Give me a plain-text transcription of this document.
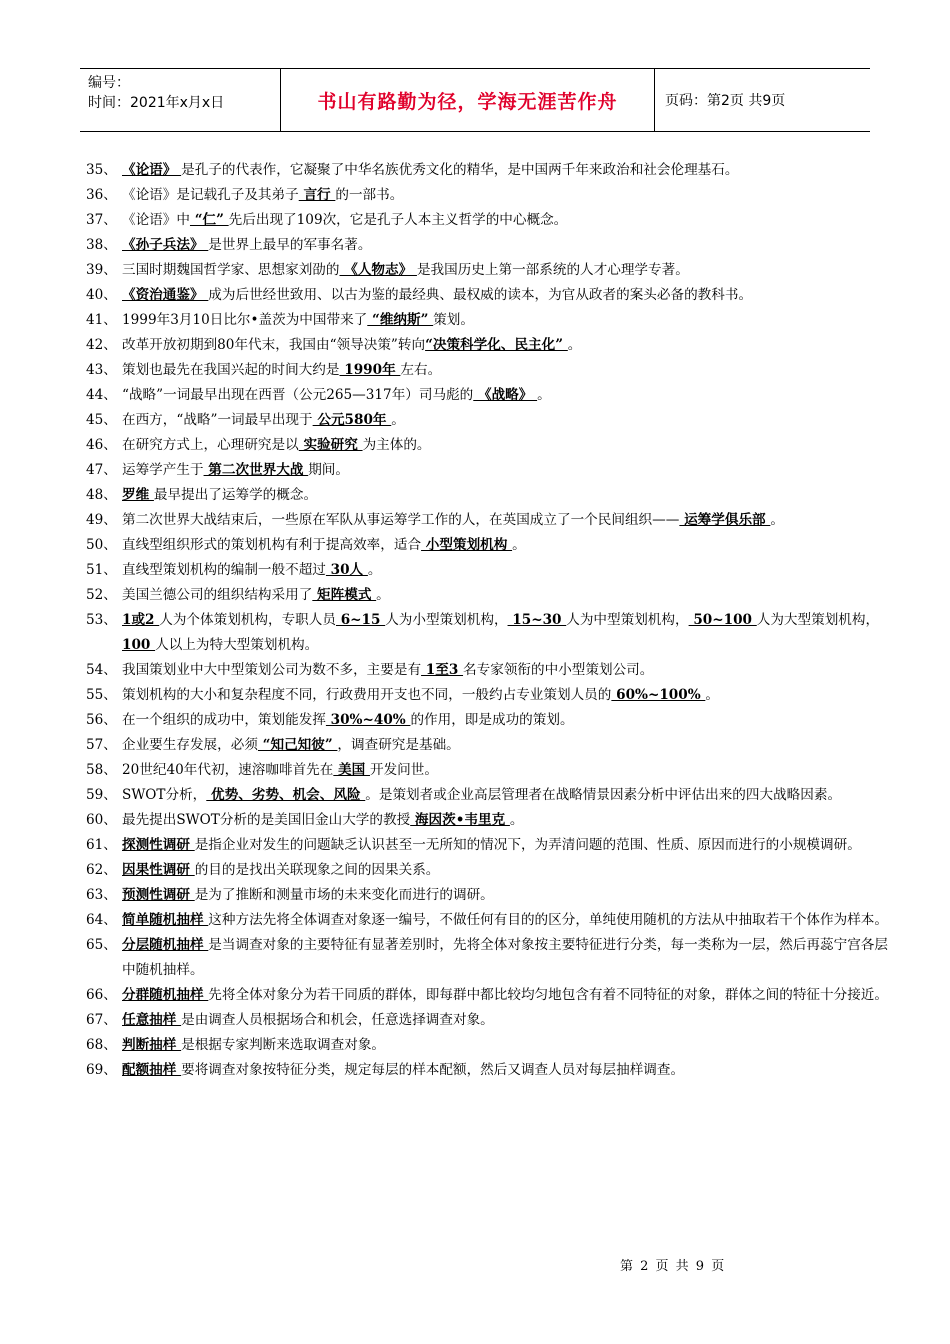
编号：
时间：2021年x月x日	书山有路勤为径，学海无涯苦作舟	页码：第2页 共9页
35、 《论语》 是孔子的代表作，它凝聚了中华名族优秀文化的精华，是中国两千年来政治和社会伦理基石。
36、 《论语》是记载孔子及其弟子 言行 的一部书。
37、 《论语》中 “仁” 先后出现了109次，它是孔子人本主义哲学的中心概念。
38、 《孙子兵法》 是世界上最早的军事名著。
39、 三国时期魏国哲学家、思想家刘劭的 《人物志》 是我国历史上第一部系统的人才心理学专著。
40、 《资治通鉴》 成为后世经世致用、以古为鉴的最经典、最权威的读本，为官从政者的案头必备的教科书。
41、 1999年3月10日比尔•盖茨为中国带来了 “维纳斯” 策划。
42、 改革开放初期到80年代末，我国由“领导决策”转向“决策科学化、民主化” 。
43、 策划也最先在我国兴起的时间大约是 1990年 左右。
44、 “战略”一词最早出现在西晋（公元265—317年）司马彪的 《战略》 。
45、 在西方，“战略”一词最早出现于 公元580年 。
46、 在研究方式上，心理研究是以 实验研究 为主体的。
47、 运筹学产生于 第二次世界大战 期间。
48、 罗维 最早提出了运筹学的概念。
49、 第二次世界大战结束后，一些原在军队从事运筹学工作的人，在英国成立了一个民间组织—— 运筹学俱乐部 。
50、 直线型组织形式的策划机构有利于提高效率，适合 小型策划机构 。
51、 直线型策划机构的编制一般不超过 30人 。
52、 美国兰德公司的组织结构采用了 矩阵模式 。
53、 1或2 人为个体策划机构，专职人员 6~15 人为小型策划机构， 15~30 人为中型策划机构， 50~100 人为大型策划机构， 100 人以上为特大型策划机构。
54、 我国策划业中大中型策划公司为数不多，主要是有 1至3 名专家领衔的中小型策划公司。
55、 策划机构的大小和复杂程度不同，行政费用开支也不同，一般约占专业策划人员的 60%~100% 。
56、 在一个组织的成功中，策划能发挥 30%~40% 的作用，即是成功的策划。
57、 企业要生存发展，必须 “知己知彼” ，调查研究是基础。
58、 20世纪40年代初，速溶咖啡首先在 美国 开发问世。
59、 SWOT分析， 优势、劣势、机会、风险 。是策划者或企业高层管理者在战略情景因素分析中评估出来的四大战略因素。
60、 最先提出SWOT分析的是美国旧金山大学的教授 海因茨•韦里克 。
61、 探测性调研 是指企业对发生的问题缺乏认识甚至一无所知的情况下，为弄清问题的范围、性质、原因而进行的小规模调研。
62、 因果性调研 的目的是找出关联现象之间的因果关系。
63、 预测性调研 是为了推断和测量市场的未来变化而进行的调研。
64、 简单随机抽样 这种方法先将全体调查对象逐一编号，不做任何有目的的区分，单纯使用随机的方法从中抽取若干个体作为样本。
65、 分层随机抽样 是当调查对象的主要特征有显著差别时，先将全体对象按主要特征进行分类，每一类称为一层，然后再蕊宁宫各层中随机抽样。
66、 分群随机抽样 先将全体对象分为若干同质的群体，即每群中都比较均匀地包含有着不同特征的对象，群体之间的特征十分接近。
67、 任意抽样 是由调查人员根据场合和机会，任意选择调查对象。
68、 判断抽样 是根据专家判断来选取调查对象。
69、 配额抽样 要将调查对象按特征分类，规定每层的样本配额，然后又调查人员对每层抽样调查。
第 2 页 共 9 页
